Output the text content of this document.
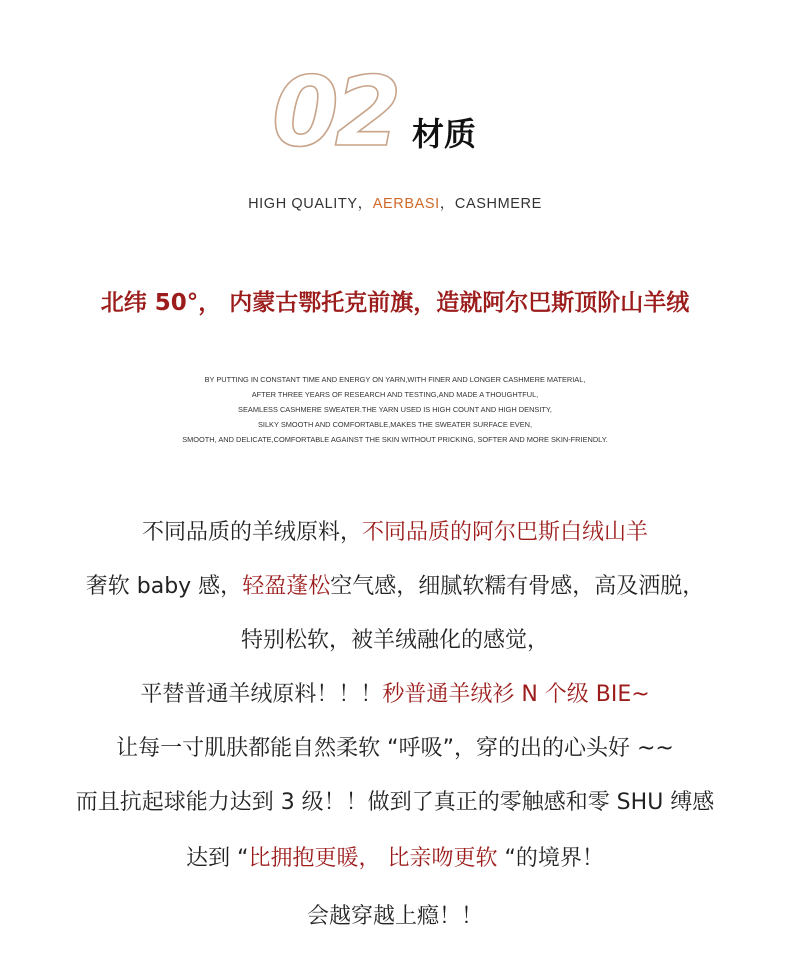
02 材质
HIGH QUALITY，AERBASI，CASHMERE
北纬 50°， 内蒙古鄂托克前旗，造就阿尔巴斯顶阶山羊绒
BY PUTTING IN CONSTANT TIME AND ENERGY ON YARN,WITH FINER AND LONGER CASHMERE MATERIAL,
AFTER THREE YEARS OF RESEARCH AND TESTING,AND MADE A THOUGHTFUL,
SEAMLESS CASHMERE SWEATER.THE YARN USED IS HIGH COUNT AND HIGH DENSITY,
SILKY SMOOTH AND COMFORTABLE,MAKES THE SWEATER SURFACE EVEN,
SMOOTH, AND DELICATE,COMFORTABLE AGAINST THE SKIN WITHOUT PRICKING, SOFTER AND MORE SKIN-FRIENDLY.
不同品质的羊绒原料，不同品质的阿尔巴斯白绒山羊
奢软 baby 感，轻盈蓬松空气感，细腻软糯有骨感，高及洒脱，
特别松软，被羊绒融化的感觉，
平替普通羊绒原料！！！秒普通羊绒衫 N 个级 BIE~
让每一寸肌肤都能自然柔软 “呼吸”，穿的出的心头好 ~~
而且抗起球能力达到 3 级！！做到了真正的零触感和零 SHU 缚感
达到 “比拥抱更暖， 比亲吻更软 “的境界！
会越穿越上瘾！！
